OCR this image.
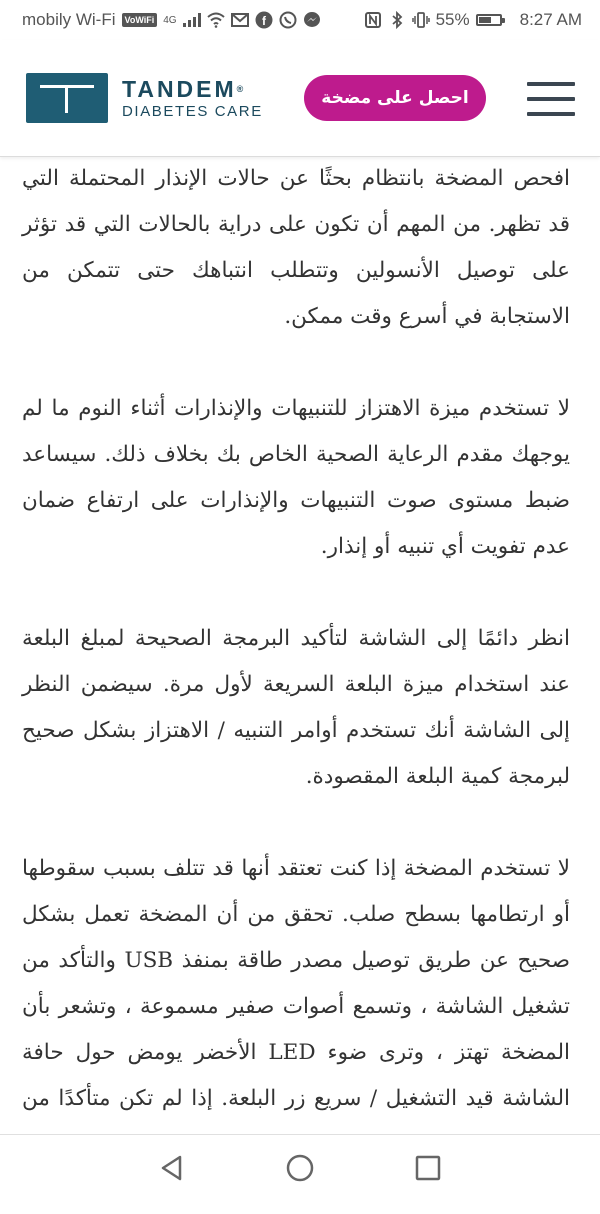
mobily Wi-Fi	VoWiFi 4G	f	55%	8:27 AM
TANDEM®
DIABETES CARE
احصل على مضخة

افحص المضخة بانتظام بحثًا عن حالات الإنذار المحتملة التي قد تظهر. من المهم أن تكون على دراية بالحالات التي قد تؤثر على توصيل الأنسولين وتتطلب انتباهك حتى تتمكن من الاستجابة في أسرع وقت ممكن.

لا تستخدم ميزة الاهتزاز للتنبيهات والإنذارات أثناء النوم ما لم يوجهك مقدم الرعاية الصحية الخاص بك بخلاف ذلك. سيساعد ضبط مستوى صوت التنبيهات والإنذارات على ارتفاع ضمان عدم تفويت أي تنبيه أو إنذار.

انظر دائمًا إلى الشاشة لتأكيد البرمجة الصحيحة لمبلغ البلعة عند استخدام ميزة البلعة السريعة لأول مرة. سيضمن النظر إلى الشاشة أنك تستخدم أوامر التنبيه / الاهتزاز بشكل صحيح لبرمجة كمية البلعة المقصودة.

لا تستخدم المضخة إذا كنت تعتقد أنها قد تتلف بسبب سقوطها أو ارتطامها بسطح صلب. تحقق من أن المضخة تعمل بشكل صحيح عن طريق توصيل مصدر طاقة بمنفذ USB والتأكد من تشغيل الشاشة ، وتسمع أصوات صفير مسموعة ، وتشعر بأن المضخة تهتز ، وترى ضوء LED الأخضر يومض حول حافة الشاشة قيد التشغيل / سريع زر البلعة. إذا لم تكن متأكدًا من
